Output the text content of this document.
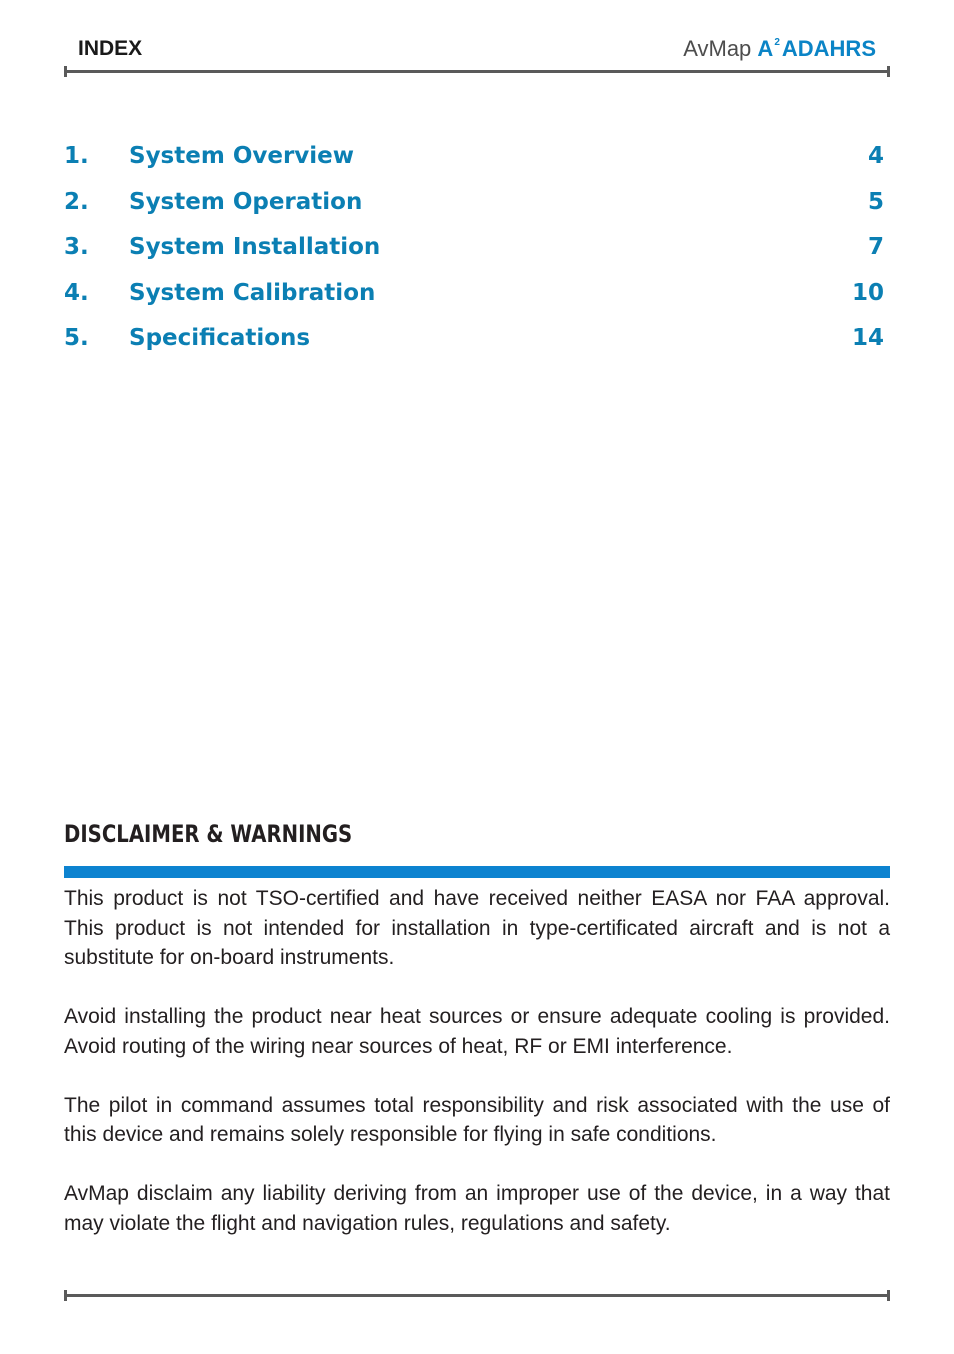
INDEX	AvMap $A^2ADAHRS$
1. System Overview	4
2. System Operation	5
3. System Installation	7
4. System Calibration	10
5. Specifications	14
DISCLAIMER & WARNINGS

This product is not TSO-certified and have received neither EASA nor FAA approval. This product is not intended for installation in type-certificated aircraft and is not a substitute for on-board instruments.

Avoid installing the product near heat sources or ensure adequate cooling is provided. Avoid routing of the wiring near sources of heat, RF or EMI interference.

The pilot in command assumes total responsibility and risk associated with the use of this device and remains solely responsible for flying in safe conditions.

AvMap disclaim any liability deriving from an improper use of the device, in a way that may violate the flight and navigation rules, regulations and safety.
